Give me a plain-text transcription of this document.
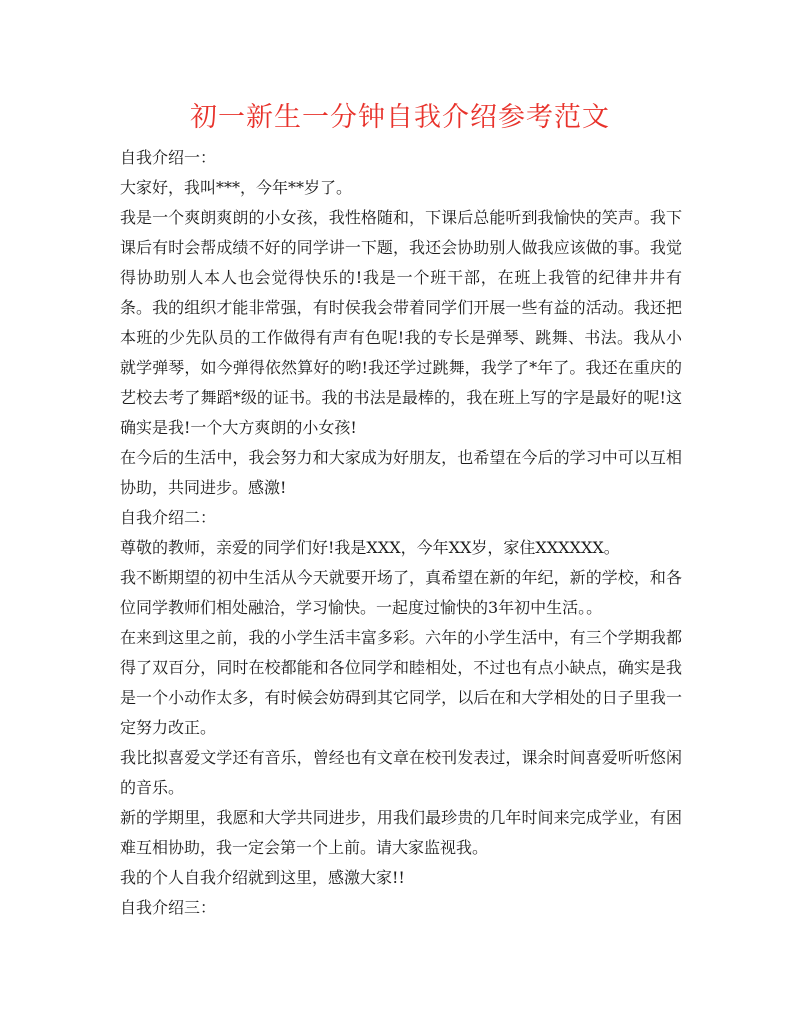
初一新生一分钟自我介绍参考范文

自我介绍一：

大家好，我叫***，今年**岁了。

我是一个爽朗爽朗的小女孩，我性格随和，下课后总能听到我愉快的笑声。我下课后有时会帮成绩不好的同学讲一下题，我还会协助别人做我应该做的事。我觉得协助别人本人也会觉得快乐的!我是一个班干部，在班上我管的纪律井井有条。我的组织才能非常强，有时侯我会带着同学们开展一些有益的活动。我还把本班的少先队员的工作做得有声有色呢!我的专长是弹琴、跳舞、书法。我从小就学弹琴，如今弹得依然算好的哟!我还学过跳舞，我学了*年了。我还在重庆的艺校去考了舞蹈*级的证书。我的书法是最棒的，我在班上写的字是最好的呢!这确实是我!一个大方爽朗的小女孩!

在今后的生活中，我会努力和大家成为好朋友，也希望在今后的学习中可以互相协助，共同进步。感激!

自我介绍二：

尊敬的教师，亲爱的同学们好!我是XXX，今年XX岁，家住XXXXXX。

我不断期望的初中生活从今天就要开场了，真希望在新的年纪，新的学校，和各位同学教师们相处融洽，学习愉快。一起度过愉快的3年初中生活。。

在来到这里之前，我的小学生活丰富多彩。六年的小学生活中，有三个学期我都得了双百分，同时在校都能和各位同学和睦相处，不过也有点小缺点，确实是我是一个小动作太多，有时候会妨碍到其它同学，以后在和大学相处的日子里我一定努力改正。

我比拟喜爱文学还有音乐，曾经也有文章在校刊发表过，课余时间喜爱听听悠闲的音乐。

新的学期里，我愿和大学共同进步，用我们最珍贵的几年时间来完成学业，有困难互相协助，我一定会第一个上前。请大家监视我。

我的个人自我介绍就到这里，感激大家!!

自我介绍三：
